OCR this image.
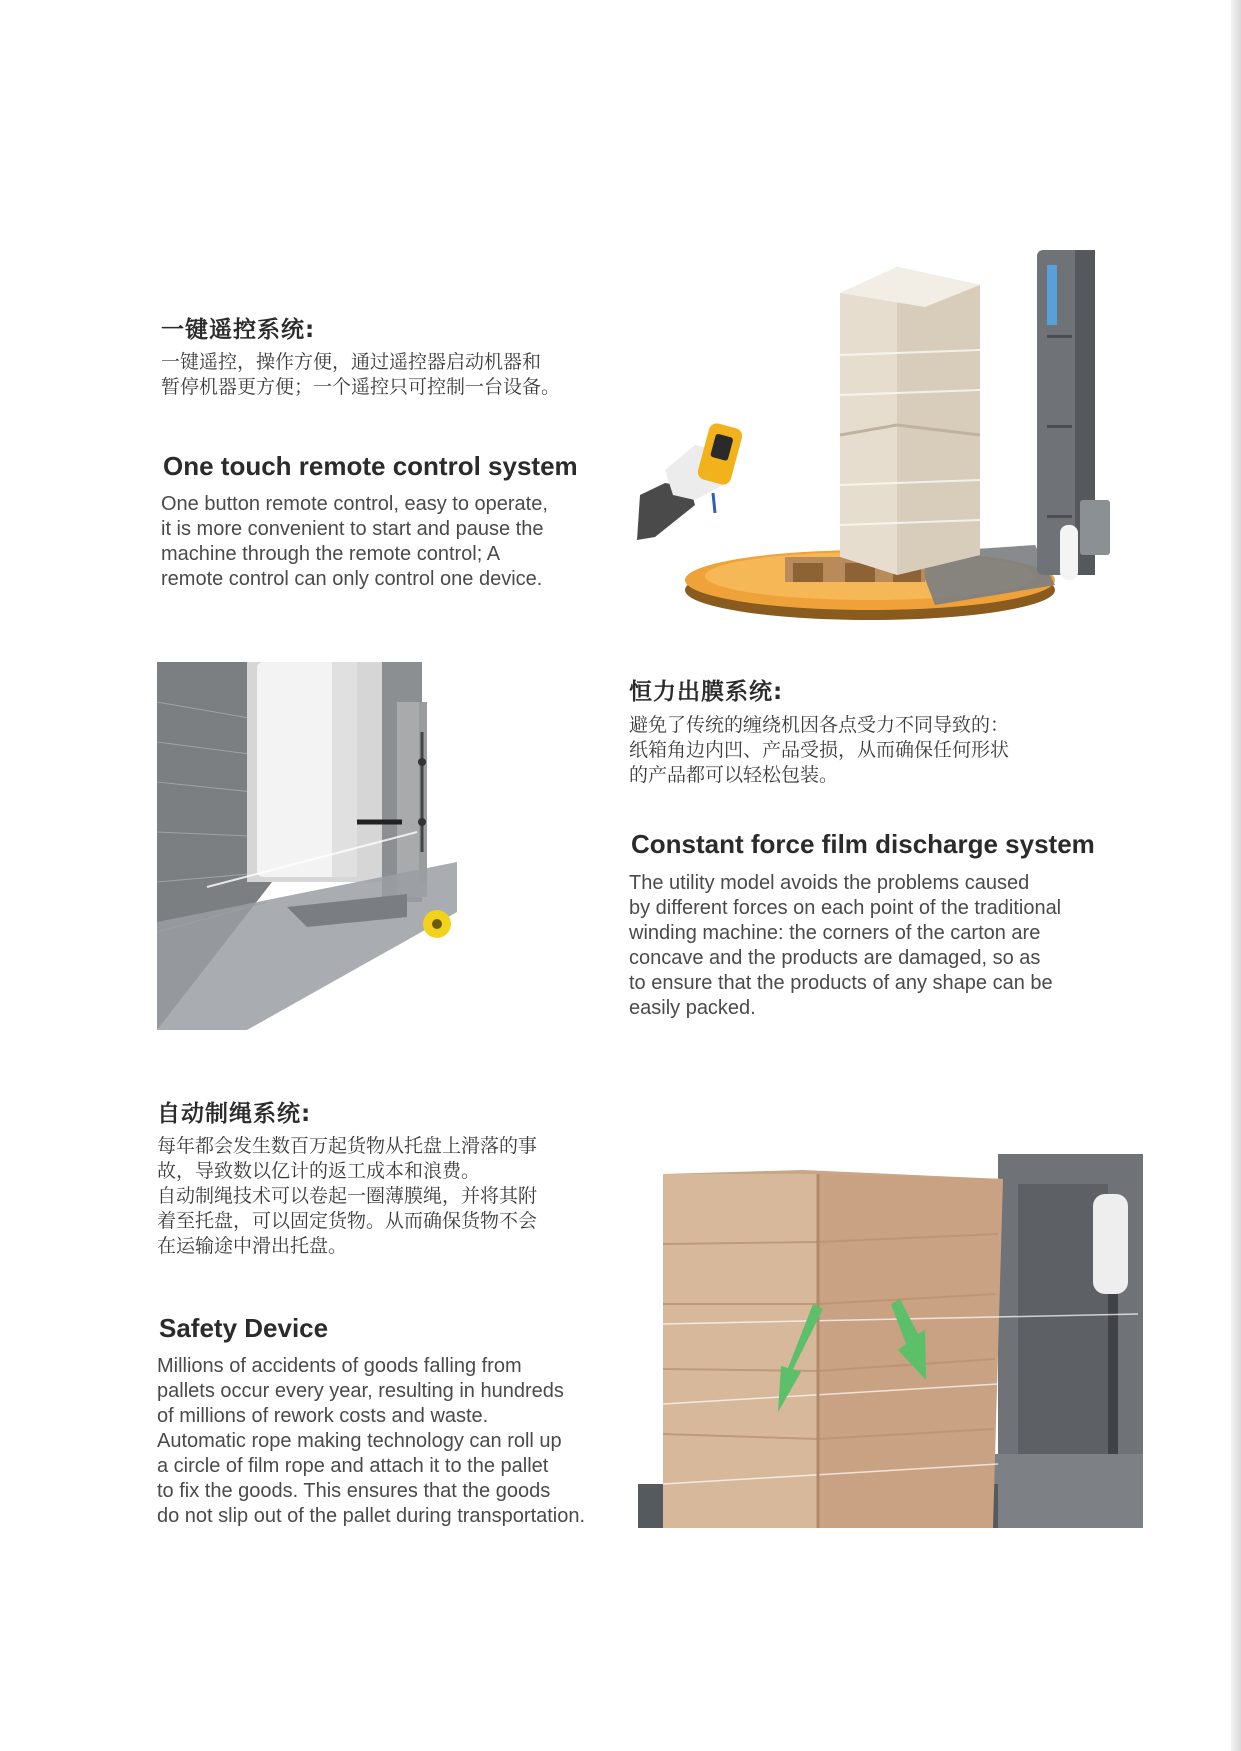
一键遥控系统:

一键遥控，操作方便，通过遥控器启动机器和
暂停机器更方便；一个遥控只可控制一台设备。

One touch remote control system

One button remote control, easy to operate,
it is more convenient to start and pause the
machine through the remote control; A
remote control can only control one device.

恒力出膜系统:

避免了传统的缠绕机因各点受力不同导致的：
纸箱角边内凹、产品受损，从而确保任何形状
的产品都可以轻松包装。

Constant force film discharge system

The utility model avoids the problems caused
by different forces on each point of the traditional
winding machine: the corners of the carton are
concave and the products are damaged, so as
to ensure that the products of any shape can be
easily packed.

自动制绳系统:

每年都会发生数百万起货物从托盘上滑落的事
故，导致数以亿计的返工成本和浪费。
自动制绳技术可以卷起一圈薄膜绳，并将其附
着至托盘，可以固定货物。从而确保货物不会
在运输途中滑出托盘。

Safety Device

Millions of accidents of goods falling from
pallets occur every year, resulting in hundreds
of millions of rework costs and waste.
Automatic rope making technology can roll up
a circle of film rope and attach it to the pallet
to fix the goods. This ensures that the goods
do not slip out of the pallet during transportation.
